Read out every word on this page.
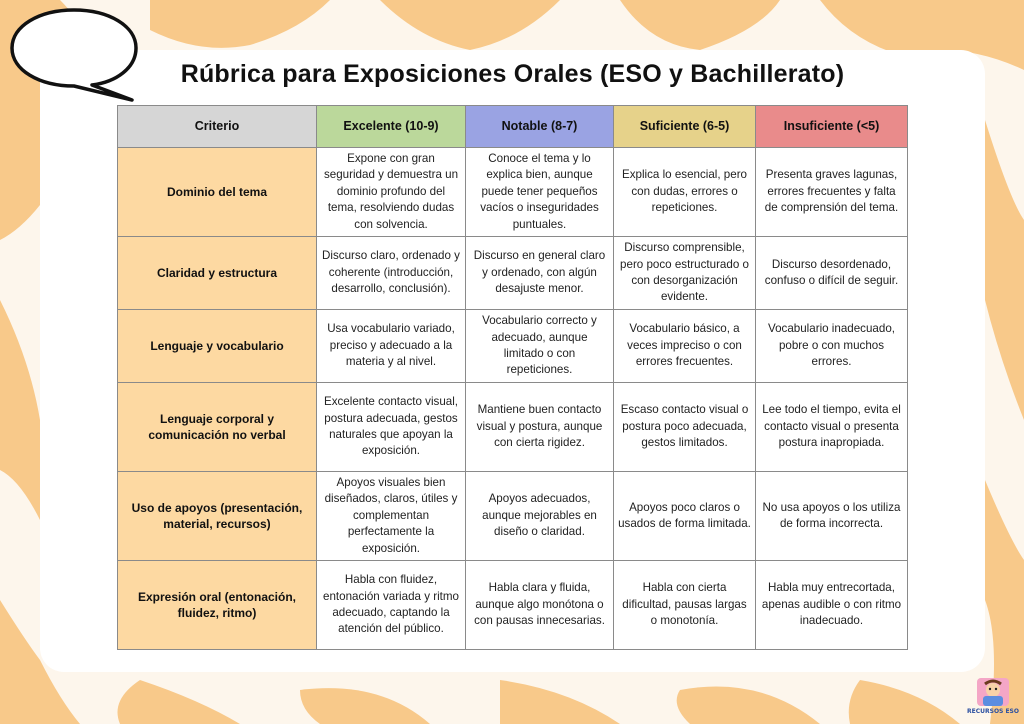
Rúbrica para Exposiciones Orales (ESO y Bachillerato)
Criterio	Excelente (10-9)	Notable (8-7)	Suficiente (6-5)	Insuficiente (<5)
Dominio del tema	Expone con gran seguridad y demuestra un dominio profundo del tema, resolviendo dudas con solvencia.	Conoce el tema y lo explica bien, aunque puede tener pequeños vacíos o inseguridades puntuales.	Explica lo esencial, pero con dudas, errores o repeticiones.	Presenta graves lagunas, errores frecuentes y falta de comprensión del tema.
Claridad y estructura	Discurso claro, ordenado y coherente (introducción, desarrollo, conclusión).	Discurso en general claro y ordenado, con algún desajuste menor.	Discurso comprensible, pero poco estructurado o con desorganización evidente.	Discurso desordenado, confuso o difícil de seguir.
Lenguaje y vocabulario	Usa vocabulario variado, preciso y adecuado a la materia y al nivel.	Vocabulario correcto y adecuado, aunque limitado o con repeticiones.	Vocabulario básico, a veces impreciso o con errores frecuentes.	Vocabulario inadecuado, pobre o con muchos errores.
Lenguaje corporal y comunicación no verbal	Excelente contacto visual, postura adecuada, gestos naturales que apoyan la exposición.	Mantiene buen contacto visual y postura, aunque con cierta rigidez.	Escaso contacto visual o postura poco adecuada, gestos limitados.	Lee todo el tiempo, evita el contacto visual o presenta postura inapropiada.
Uso de apoyos (presentación, material, recursos)	Apoyos visuales bien diseñados, claros, útiles y complementan perfectamente la exposición.	Apoyos adecuados, aunque mejorables en diseño o claridad.	Apoyos poco claros o usados de forma limitada.	No usa apoyos o los utiliza de forma incorrecta.
Expresión oral (entonación, fluidez, ritmo)	Habla con fluidez, entonación variada y ritmo adecuado, captando la atención del público.	Habla clara y fluida, aunque algo monótona o con pausas innecesarias.	Habla con cierta dificultad, pausas largas o monotonía.	Habla muy entrecortada, apenas audible o con ritmo inadecuado.
RECURSOS ESO
